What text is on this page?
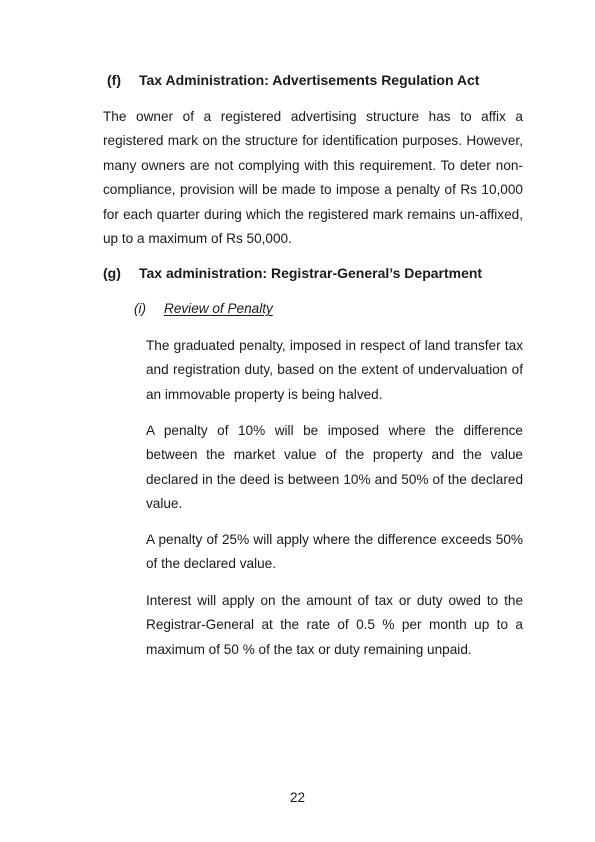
(f) Tax Administration: Advertisements Regulation Act
The owner of a registered advertising structure has to affix a registered mark on the structure for identification purposes. However, many owners are not complying with this requirement. To deter non-compliance, provision will be made to impose a penalty of Rs 10,000 for each quarter during which the registered mark remains un-affixed, up to a maximum of Rs 50,000.
(g) Tax administration: Registrar-General’s Department
(i) Review of Penalty
The graduated penalty, imposed in respect of land transfer tax and registration duty, based on the extent of undervaluation of an immovable property is being halved.
A penalty of 10% will be imposed where the difference between the market value of the property and the value declared in the deed is between 10% and 50% of the declared value.
A penalty of 25% will apply where the difference exceeds 50% of the declared value.
Interest will apply on the amount of tax or duty owed to the Registrar-General at the rate of 0.5 % per month up to a maximum of 50 % of the tax or duty remaining unpaid.
22
